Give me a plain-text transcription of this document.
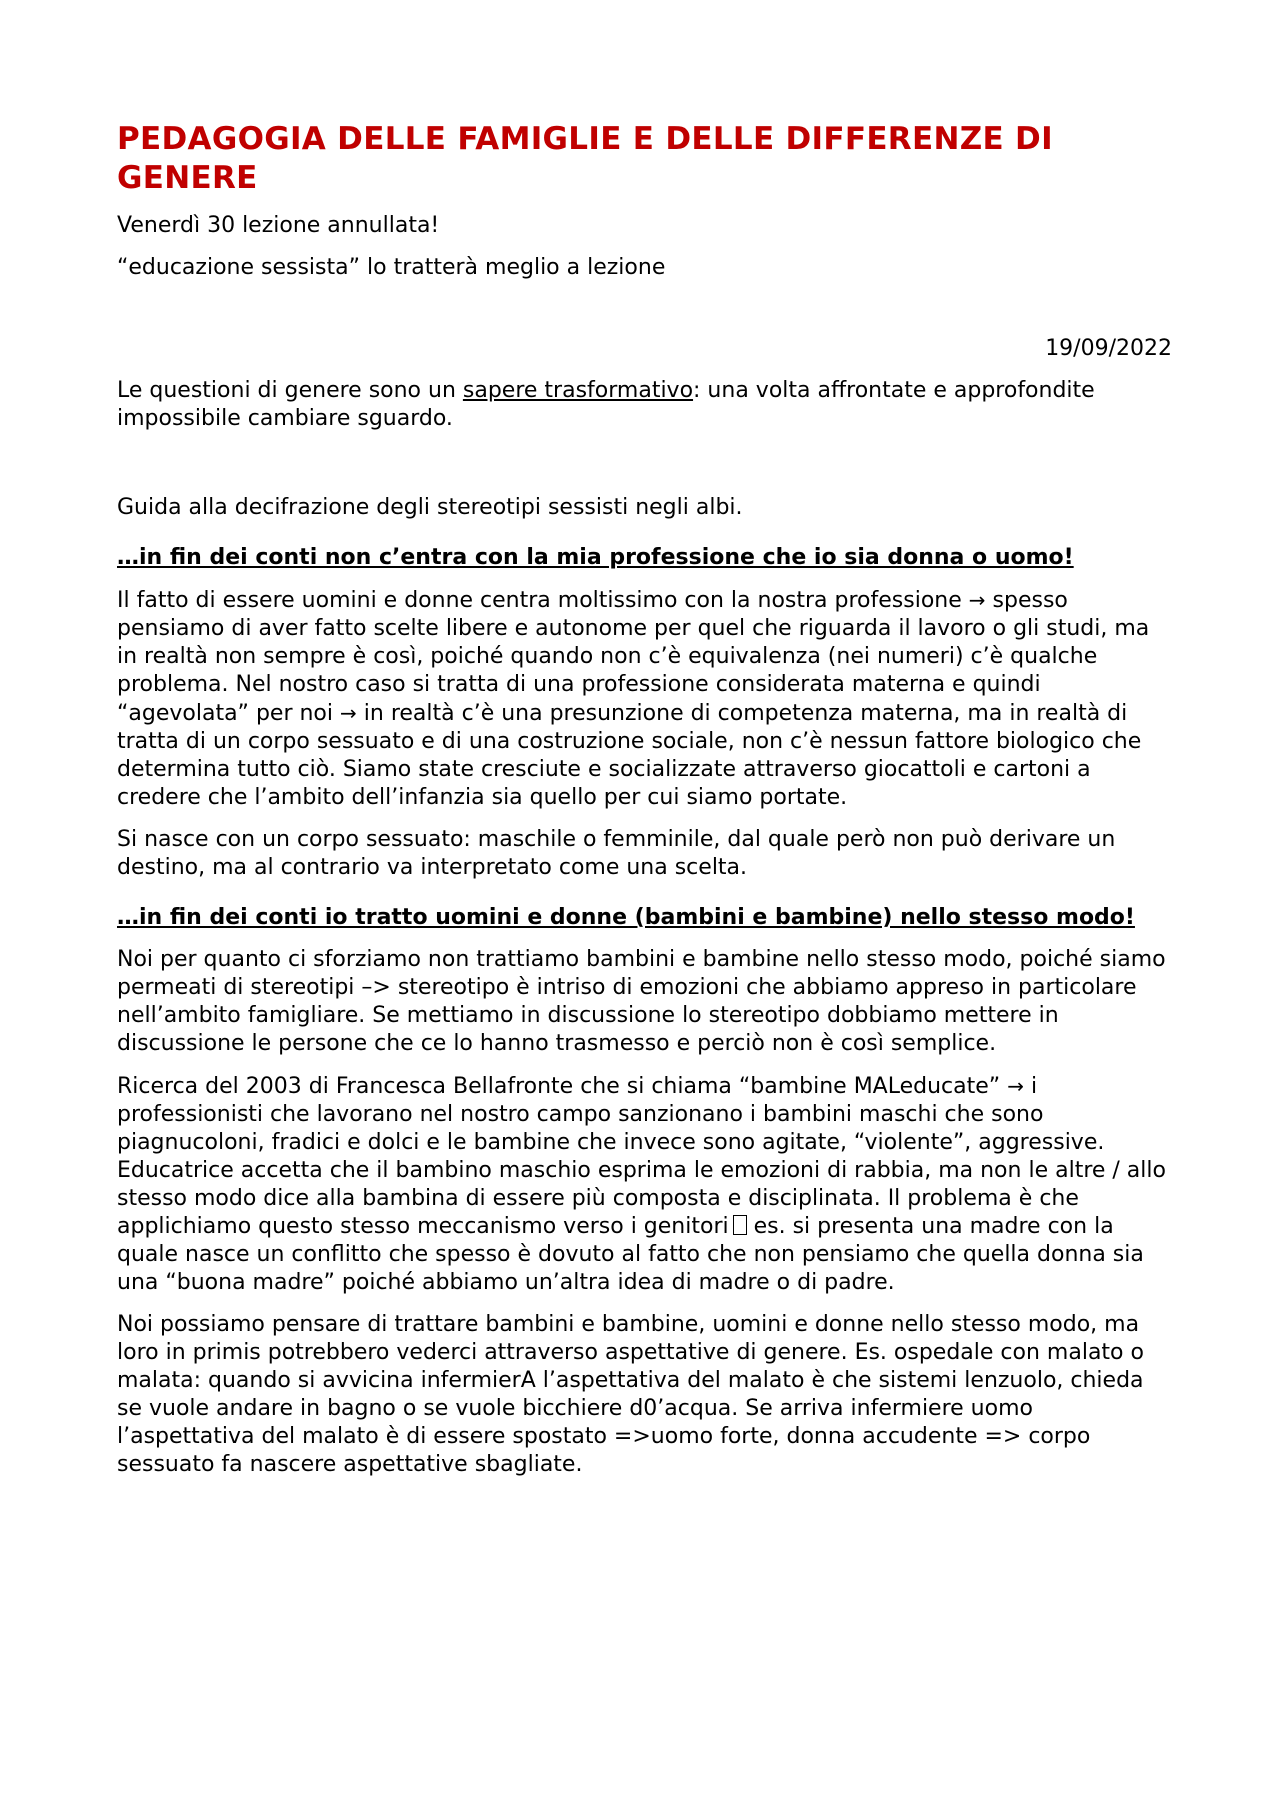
PEDAGOGIA DELLE FAMIGLIE E DELLE DIFFERENZE DI GENERE

Venerdì 30 lezione annullata!

“educazione sessista” lo tratterà meglio a lezione

19/09/2022

Le questioni di genere sono un sapere trasformativo: una volta affrontate e approfondite impossibile cambiare sguardo.

Guida alla decifrazione degli stereotipi sessisti negli albi.

…in fin dei conti non c’entra con la mia professione che io sia donna o uomo!

Il fatto di essere uomini e donne centra moltissimo con la nostra professione → spesso pensiamo di aver fatto scelte libere e autonome per quel che riguarda il lavoro o gli studi, ma in realtà non sempre è così, poiché quando non c’è equivalenza (nei numeri) c’è qualche problema. Nel nostro caso si tratta di una professione considerata materna e quindi “agevolata” per noi → in realtà c’è una presunzione di competenza materna, ma in realtà di tratta di un corpo sessuato e di una costruzione sociale, non c’è nessun fattore biologico che determina tutto ciò. Siamo state cresciute e socializzate attraverso giocattoli e cartoni a credere che l’ambito dell’infanzia sia quello per cui siamo portate.

Si nasce con un corpo sessuato: maschile o femminile, dal quale però non può derivare un destino, ma al contrario va interpretato come una scelta.

…in fin dei conti io tratto uomini e donne (bambini e bambine) nello stesso modo!

Noi per quanto ci sforziamo non trattiamo bambini e bambine nello stesso modo, poiché siamo permeati di stereotipi –> stereotipo è intriso di emozioni che abbiamo appreso in particolare nell’ambito famigliare. Se mettiamo in discussione lo stereotipo dobbiamo mettere in discussione le persone che ce lo hanno trasmesso e perciò non è così semplice.

Ricerca del 2003 di Francesca Bellafronte che si chiama “bambine MALeducate” → i professionisti che lavorano nel nostro campo sanzionano i bambini maschi che sono piagnucoloni, fradici e dolci e le bambine che invece sono agitate, “violente”, aggressive. Educatrice accetta che il bambino maschio esprima le emozioni di rabbia, ma non le altre / allo stesso modo dice alla bambina di essere più composta e disciplinata. Il problema è che applichiamo questo stesso meccanismo verso i genitori es. si presenta una madre con la quale nasce un conflitto che spesso è dovuto al fatto che non pensiamo che quella donna sia una “buona madre” poiché abbiamo un’altra idea di madre o di padre.

Noi possiamo pensare di trattare bambini e bambine, uomini e donne nello stesso modo, ma loro in primis potrebbero vederci attraverso aspettative di genere. Es. ospedale con malato o malata: quando si avvicina infermierA l’aspettativa del malato è che sistemi lenzuolo, chieda se vuole andare in bagno o se vuole bicchiere d0’acqua. Se arriva infermiere uomo l’aspettativa del malato è di essere spostato =>uomo forte, donna accudente => corpo sessuato fa nascere aspettative sbagliate.
